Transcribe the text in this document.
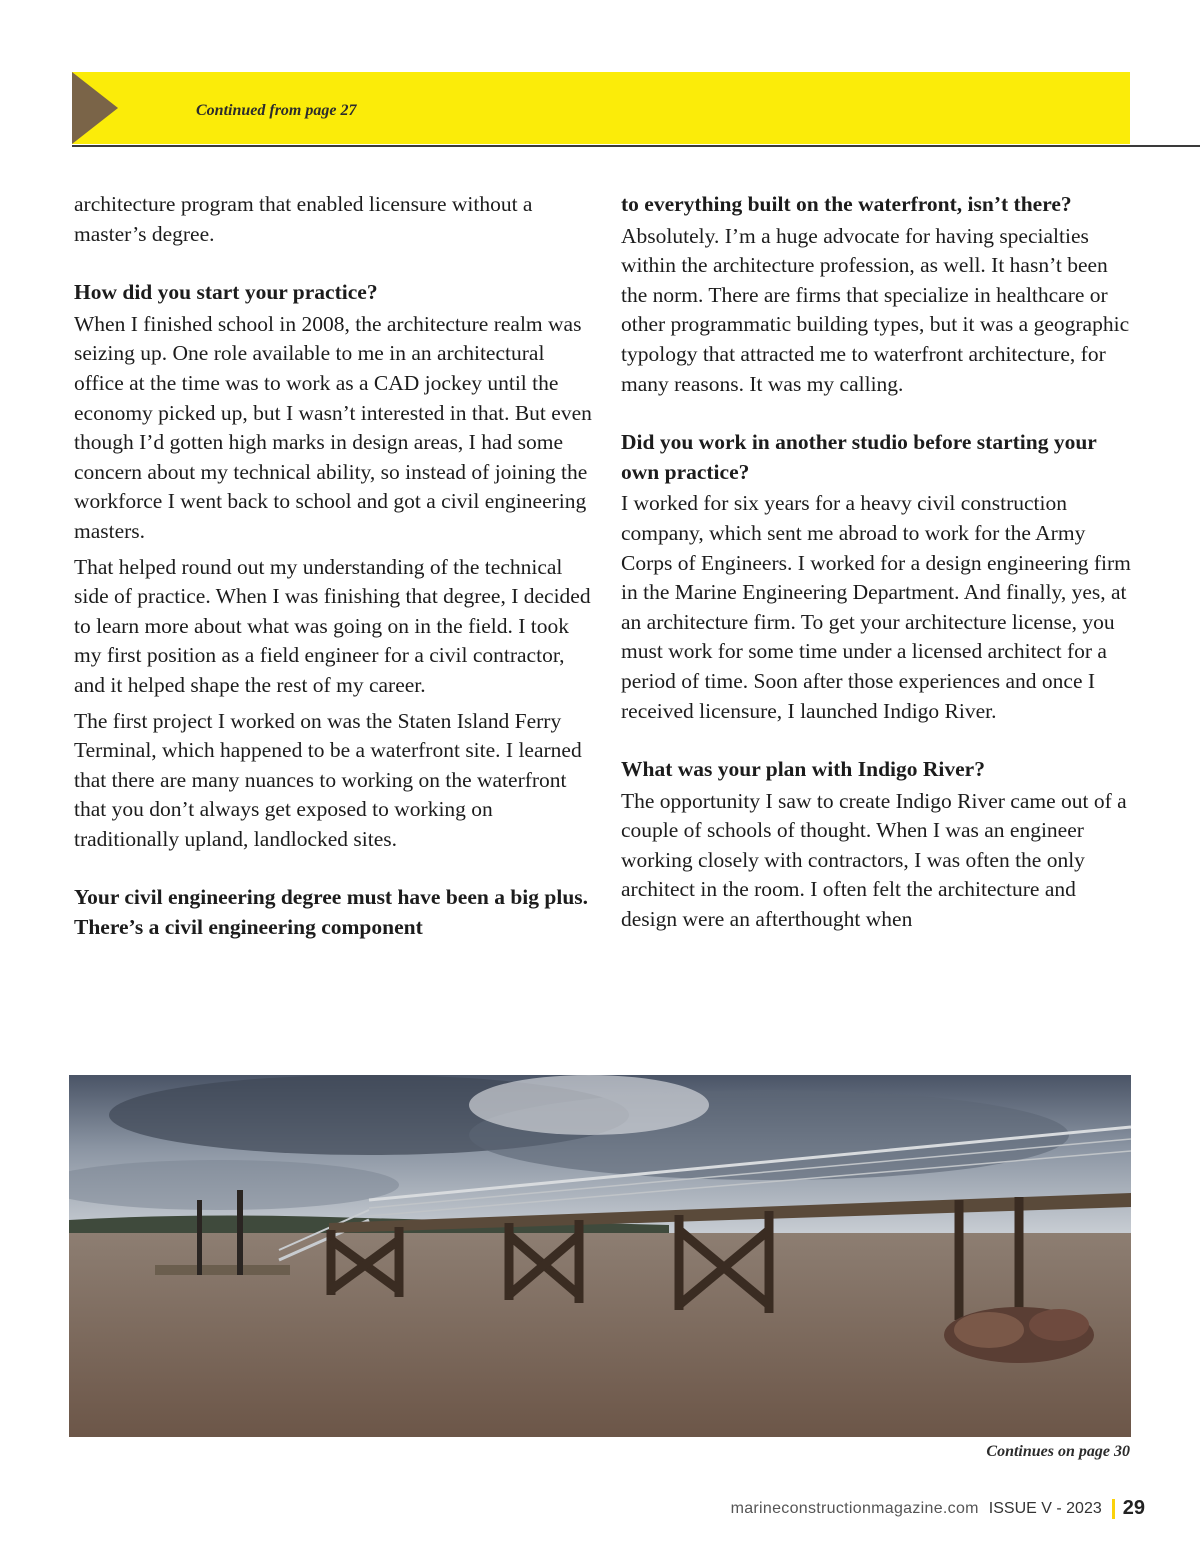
Continued from page 27

architecture program that enabled licensure without a master’s degree.

How did you start your practice?

When I finished school in 2008, the architecture realm was seizing up. One role available to me in an architectural office at the time was to work as a CAD jockey until the economy picked up, but I wasn’t interested in that. But even though I’d gotten high marks in design areas, I had some concern about my technical ability, so instead of joining the workforce I went back to school and got a civil engineering masters.

That helped round out my understanding of the technical side of practice. When I was finishing that degree, I decided to learn more about what was going on in the field. I took my first position as a field engineer for a civil contractor, and it helped shape the rest of my career.

The first project I worked on was the Staten Island Ferry Terminal, which happened to be a waterfront site. I learned that there are many nuances to working on the waterfront that you don’t always get exposed to working on traditionally upland, landlocked sites.

Your civil engineering degree must have been a big plus. There’s a civil engineering component
to everything built on the waterfront, isn’t there?

Absolutely. I’m a huge advocate for having specialties within the architecture profession, as well. It hasn’t been the norm. There are firms that specialize in healthcare or other programmatic building types, but it was a geographic typology that attracted me to waterfront architecture, for many reasons. It was my calling.

Did you work in another studio before starting your own practice?

I worked for six years for a heavy civil construction company, which sent me abroad to work for the Army Corps of Engineers. I worked for a design engineering firm in the Marine Engineering Department. And finally, yes, at an architecture firm. To get your architecture license, you must work for some time under a licensed architect for a period of time. Soon after those experiences and once I received licensure, I launched Indigo River.

What was your plan with Indigo River?

The opportunity I saw to create Indigo River came out of a couple of schools of thought. When I was an engineer working closely with contractors, I was often the only architect in the room. I often felt the architecture and design were an afterthought when

Continues on page 30
marineconstructionmagazine.com ISSUE V - 2023 29
